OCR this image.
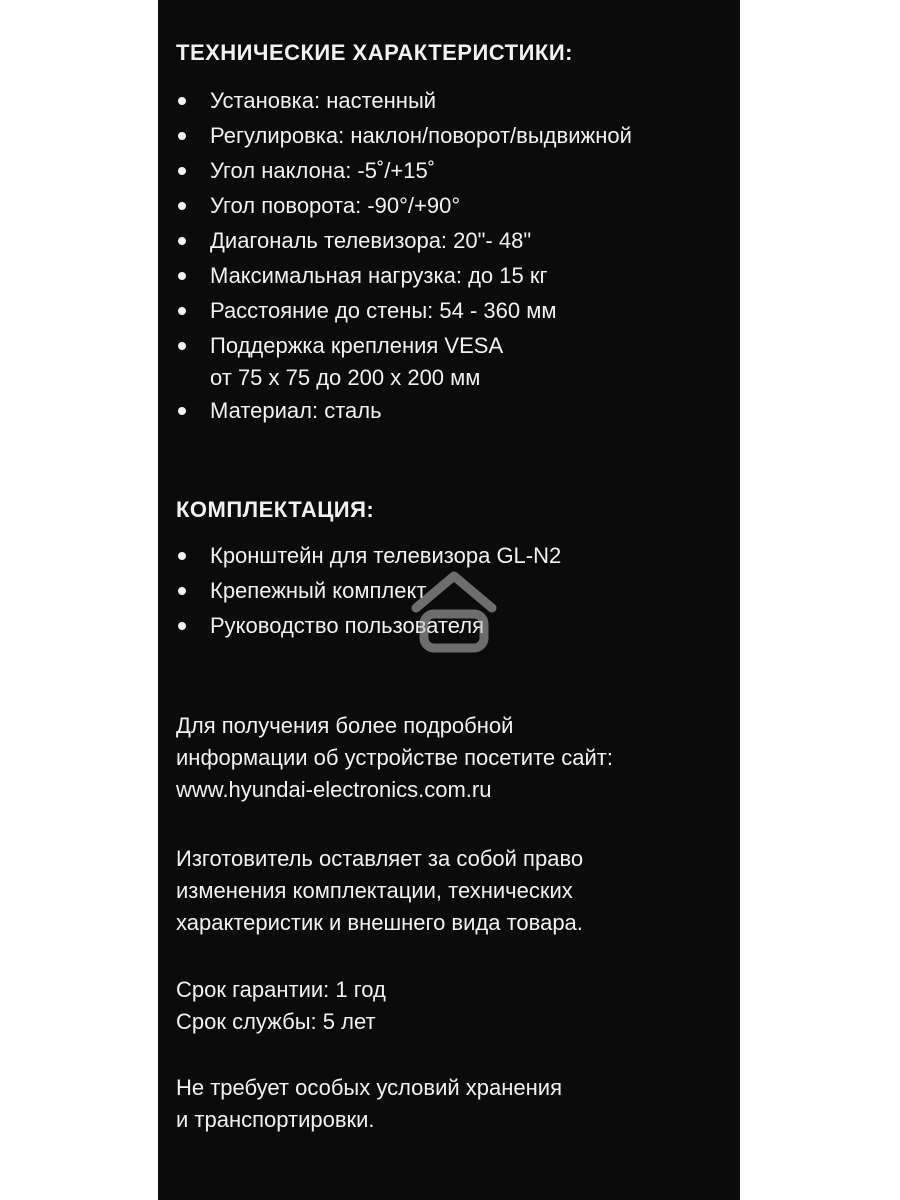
ТЕХНИЧЕСКИЕ ХАРАКТЕРИСТИКИ:
Установка: настенный
Регулировка: наклон/поворот/выдвижной
Угол наклона: -5˚/+15˚
Угол поворота: -90°/+90°
Диагональ телевизора: 20"- 48"
Максимальная нагрузка: до 15 кг
Расстояние до стены: 54 - 360 мм
Поддержка крепления VESA
от 75 x 75 до 200 x 200 мм
Материал: сталь
КОМПЛЕКТАЦИЯ:
Кронштейн для телевизора GL-N2
Крепежный комплект
Руководство пользователя

Для получения более подробной
информации об устройстве посетите сайт:
www.hyundai-electronics.com.ru

Изготовитель оставляет за собой право
изменения комплектации, технических
характеристик и внешнего вида товара.

Срок гарантии: 1 год
Срок службы: 5 лет

Не требует особых условий хранения
и транспортировки.
